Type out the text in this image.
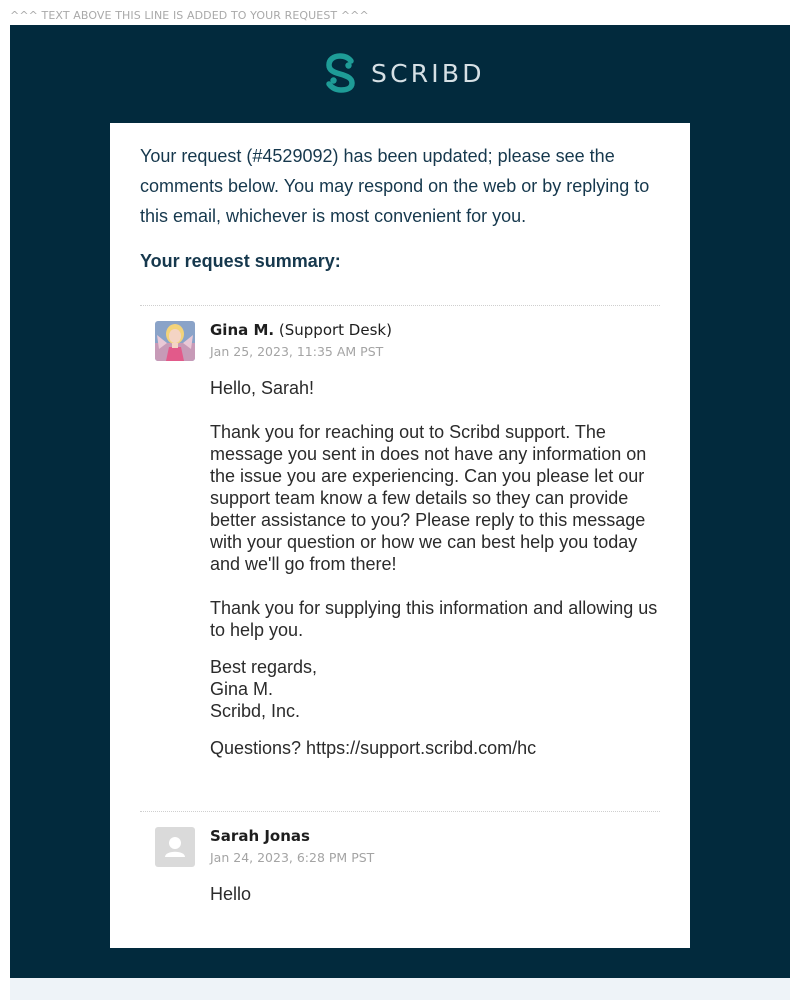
^^^ TEXT ABOVE THIS LINE IS ADDED TO YOUR REQUEST ^^^
SCRIBD

Your request (#4529092) has been updated; please see the comments below. You may respond on the web or by replying to this email, whichever is most convenient for you.

Your request summary:
Gina M. (Support Desk)
Jan 25, 2023, 11:35 AM PST
Hello, Sarah!
Thank you for reaching out to Scribd support. The message you sent in does not have any information on the issue you are experiencing. Can you please let our support team know a few details so they can provide better assistance to you? Please reply to this message with your question or how we can best help you today and we'll go from there!
Thank you for supplying this information and allowing us to help you.

Best regards,

Gina M.

Scribd, Inc.

Questions? https://support.scribd.com/hc
Sarah Jonas
Jan 24, 2023, 6:28 PM PST
Hello
